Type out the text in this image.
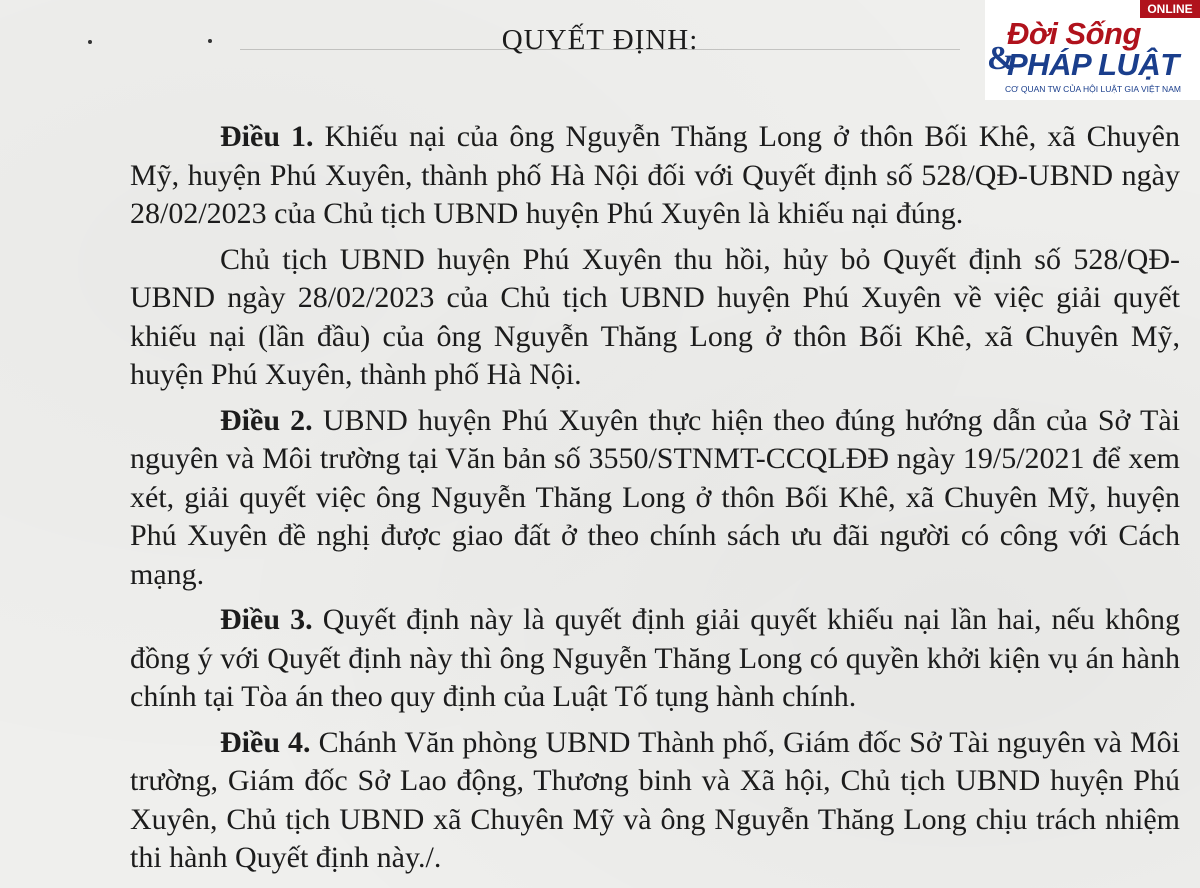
QUYẾT ĐỊNH:

Điều 1. Khiếu nại của ông Nguyễn Thăng Long ở thôn Bối Khê, xã Chuyên Mỹ, huyện Phú Xuyên, thành phố Hà Nội đối với Quyết định số 528/QĐ-UBND ngày 28/02/2023 của Chủ tịch UBND huyện Phú Xuyên là khiếu nại đúng.

Chủ tịch UBND huyện Phú Xuyên thu hồi, hủy bỏ Quyết định số 528/QĐ-UBND ngày 28/02/2023 của Chủ tịch UBND huyện Phú Xuyên về việc giải quyết khiếu nại (lần đầu) của ông Nguyễn Thăng Long ở thôn Bối Khê, xã Chuyên Mỹ, huyện Phú Xuyên, thành phố Hà Nội.

Điều 2. UBND huyện Phú Xuyên thực hiện theo đúng hướng dẫn của Sở Tài nguyên và Môi trường tại Văn bản số 3550/STNMT-CCQLĐĐ ngày 19/5/2021 để xem xét, giải quyết việc ông Nguyễn Thăng Long ở thôn Bối Khê, xã Chuyên Mỹ, huyện Phú Xuyên đề nghị được giao đất ở theo chính sách ưu đãi người có công với Cách mạng.

Điều 3. Quyết định này là quyết định giải quyết khiếu nại lần hai, nếu không đồng ý với Quyết định này thì ông Nguyễn Thăng Long có quyền khởi kiện vụ án hành chính tại Tòa án theo quy định của Luật Tố tụng hành chính.

Điều 4. Chánh Văn phòng UBND Thành phố, Giám đốc Sở Tài nguyên và Môi trường, Giám đốc Sở Lao động, Thương binh và Xã hội, Chủ tịch UBND huyện Phú Xuyên, Chủ tịch UBND xã Chuyên Mỹ và ông Nguyễn Thăng Long chịu trách nhiệm thi hành Quyết định này./.

ONLINE
Đời Sống
&
PHÁP LUẬT
CƠ QUAN TW CỦA HỘI LUẬT GIA VIỆT NAM
